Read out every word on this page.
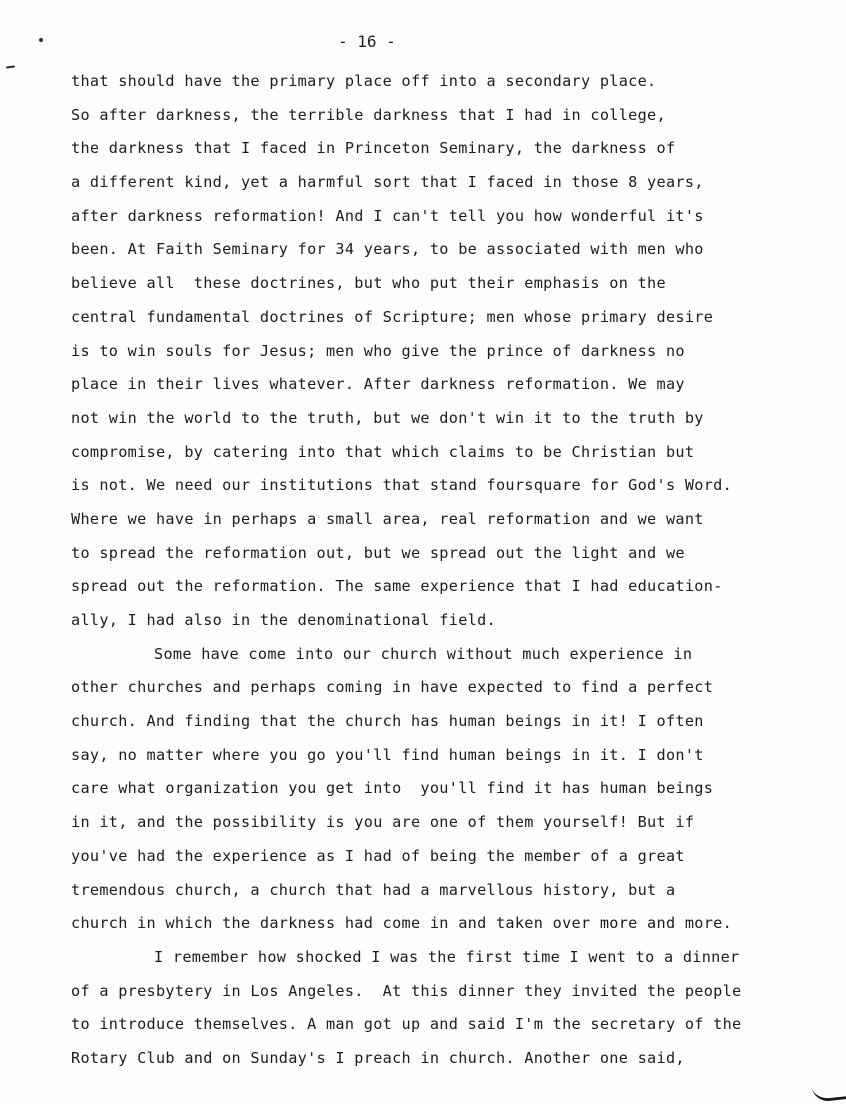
- 16 -
that should have the primary place off into a secondary place.
So after darkness, the terrible darkness that I had in college,
the darkness that I faced in Princeton Seminary, the darkness of
a different kind, yet a harmful sort that I faced in those 8 years,
after darkness reformation! And I can't tell you how wonderful it's
been. At Faith Seminary for 34 years, to be associated with men who
believe all  these doctrines, but who put their emphasis on the
central fundamental doctrines of Scripture; men whose primary desire
is to win souls for Jesus; men who give the prince of darkness no
place in their lives whatever. After darkness reformation. We may
not win the world to the truth, but we don't win it to the truth by
compromise, by catering into that which claims to be Christian but
is not. We need our institutions that stand foursquare for God's Word.
Where we have in perhaps a small area, real reformation and we want
to spread the reformation out, but we spread out the light and we
spread out the reformation. The same experience that I had education-
ally, I had also in the denominational field.
Some have come into our church without much experience in
other churches and perhaps coming in have expected to find a perfect
church. And finding that the church has human beings in it! I often
say, no matter where you go you'll find human beings in it. I don't
care what organization you get into  you'll find it has human beings
in it, and the possibility is you are one of them yourself! But if
you've had the experience as I had of being the member of a great
tremendous church, a church that had a marvellous history, but a
church in which the darkness had come in and taken over more and more.
I remember how shocked I was the first time I went to a dinner
of a presbytery in Los Angeles.  At this dinner they invited the people
to introduce themselves. A man got up and said I'm the secretary of the
Rotary Club and on Sunday's I preach in church. Another one said,
